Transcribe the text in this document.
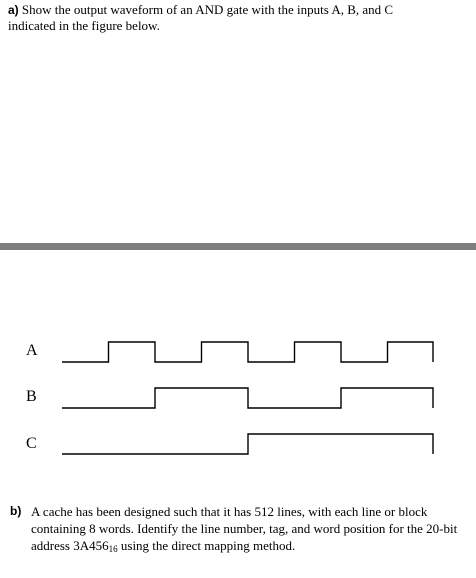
a) Show the output waveform of an AND gate with the inputs A, B, and C
indicated in the figure below.
A
B
C
b) A cache has been designed such that it has 512 lines, with each line or block containing 8 words. Identify the line number, tag, and word position for the 20-bit address $3A456_{16}$ using the direct mapping method.
